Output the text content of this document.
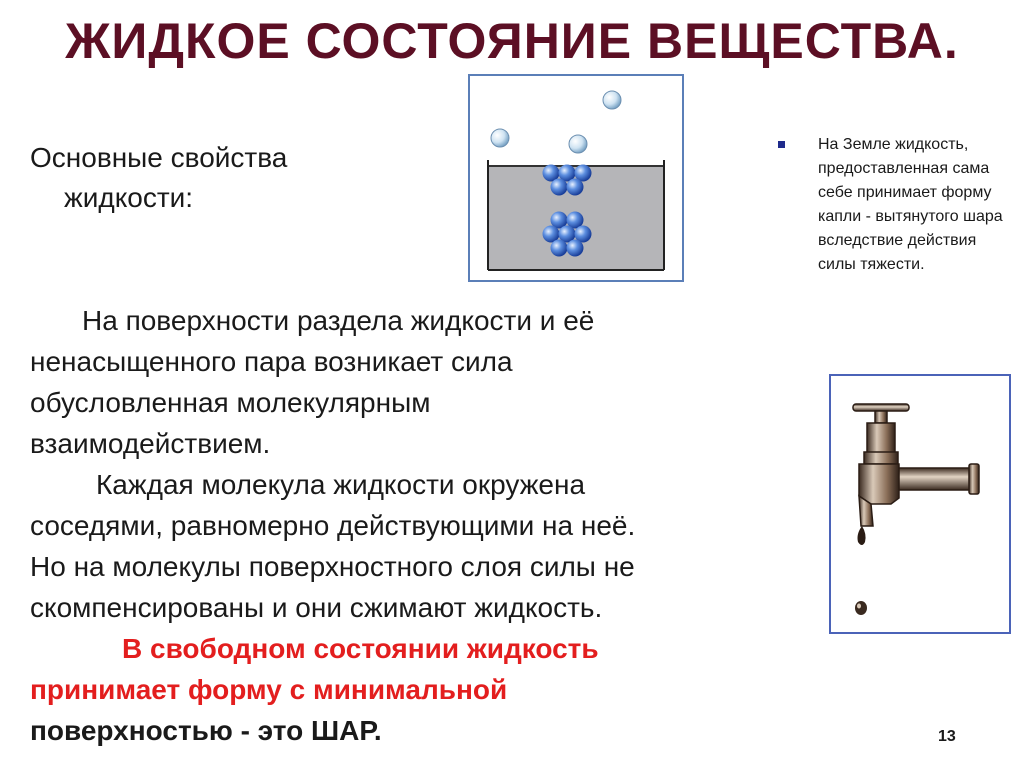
ЖИДКОЕ СОСТОЯНИЕ ВЕЩЕСТВА.
Основные свойства
жидкости:
На Земле жидкость, предоставленная сама себе принимает форму капли - вытянутого шара вследствие действия силы тяжести.

На поверхности раздела жидкости и её

ненасыщенного пара возникает сила

обусловленная молекулярным

взаимодействием.

Каждая молекула жидкости окружена

соседями, равномерно действующими на неё.

Но на молекулы поверхностного слоя силы не

скомпенсированы и они сжимают жидкость.

В свободном состоянии жидкость

принимает форму с минимальной

поверхностью - это ШАР.	13
